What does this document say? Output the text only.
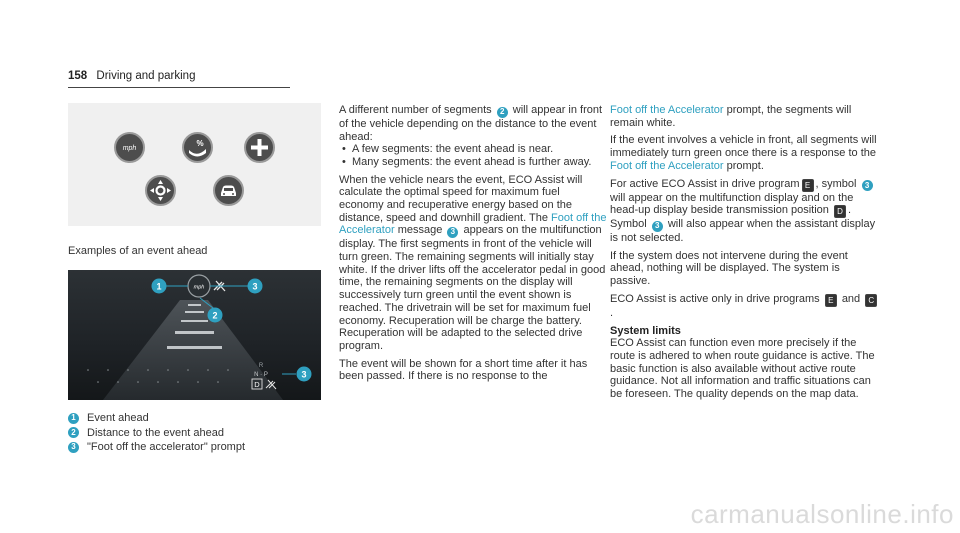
158 Driving and parking
mph
%
Examples of an event ahead
mph
1	3
2
3
R
N · P
D
1 Event ahead
2 Distance to the event ahead
3 "Foot off the accelerator" prompt

A different number of segments 2 will appear in front of the vehicle depending on the distance to the event ahead:

• A few segments: the event ahead is near.
• Many segments: the event ahead is further away.

When the vehicle nears the event, ECO Assist will calculate the optimal speed for maximum fuel economy and recuperative energy based on the distance, speed and downhill gradient. The Foot off the Accelerator message 3 appears on the multifunction display. The first segments in front of the vehicle will turn green. The remaining segments will initially stay white. If the driver lifts off the accelerator pedal in good time, the remaining segments on the display will successively turn green until the event shown is reached. The drivetrain will be set for maximum fuel economy. Recuperation will be charge the battery. Recuperation will be adapted to the selected drive program.

The event will be shown for a short time after it has been passed. If there is no response to the

Foot off the Accelerator prompt, the segments will remain white.

If the event involves a vehicle in front, all segments will immediately turn green once there is a response to the Foot off the Accelerator prompt.

For active ECO Assist in drive program E , symbol 3 will appear on the multifunction display and on the head-up display beside transmission position D . Symbol 3 will also appear when the assistant display is not selected.

If the system does not intervene during the event ahead, nothing will be displayed. The system is passive.

ECO Assist is active only in drive programs E and C.

System limits

ECO Assist can function even more precisely if the route is adhered to when route guidance is active. The basic function is also available without active route guidance. Not all information and traffic situations can be foreseen. The quality depends on the map data.

carmanualsonline.info
